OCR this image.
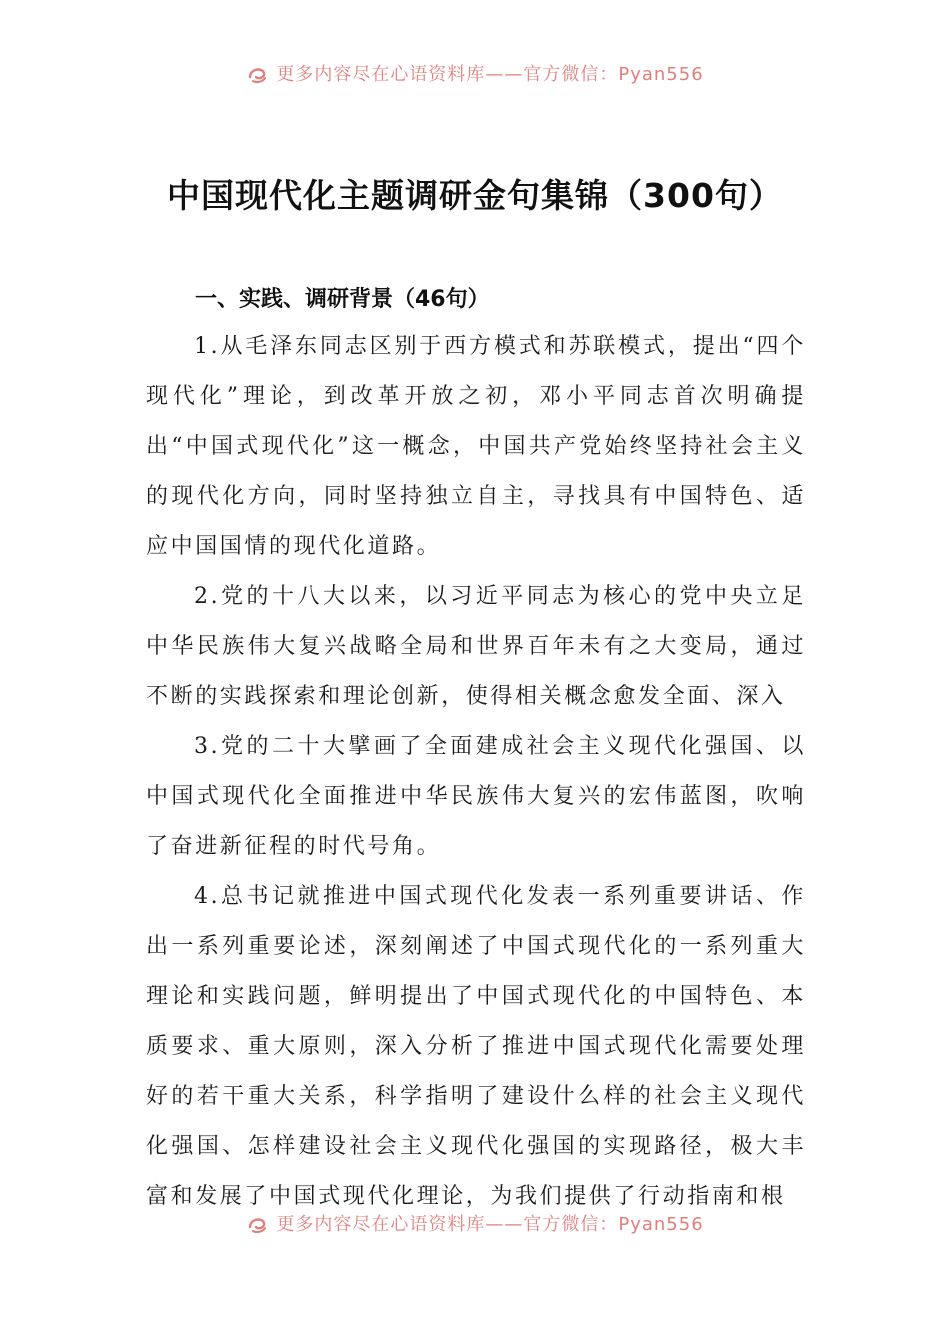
更多内容尽在心语资料库——官方微信：Pyan556
中国现代化主题调研金句集锦（300句）
一、实践、调研背景（46句）

1.从毛泽东同志区别于西方模式和苏联模式，提出“四个现代化”理论，到改革开放之初，邓小平同志首次明确提出“中国式现代化”这一概念，中国共产党始终坚持社会主义的现代化方向，同时坚持独立自主，寻找具有中国特色、适应中国国情的现代化道路。

2.党的十八大以来，以习近平同志为核心的党中央立足中华民族伟大复兴战略全局和世界百年未有之大变局，通过不断的实践探索和理论创新，使得相关概念愈发全面、深入

3.党的二十大擘画了全面建成社会主义现代化强国、以中国式现代化全面推进中华民族伟大复兴的宏伟蓝图，吹响了奋进新征程的时代号角。

4.总书记就推进中国式现代化发表一系列重要讲话、作出一系列重要论述，深刻阐述了中国式现代化的一系列重大理论和实践问题，鲜明提出了中国式现代化的中国特色、本质要求、重大原则，深入分析了推进中国式现代化需要处理好的若干重大关系，科学指明了建设什么样的社会主义现代化强国、怎样建设社会主义现代化强国的实现路径，极大丰富和发展了中国式现代化理论，为我们提供了行动指南和根

更多内容尽在心语资料库——官方微信：Pyan556
